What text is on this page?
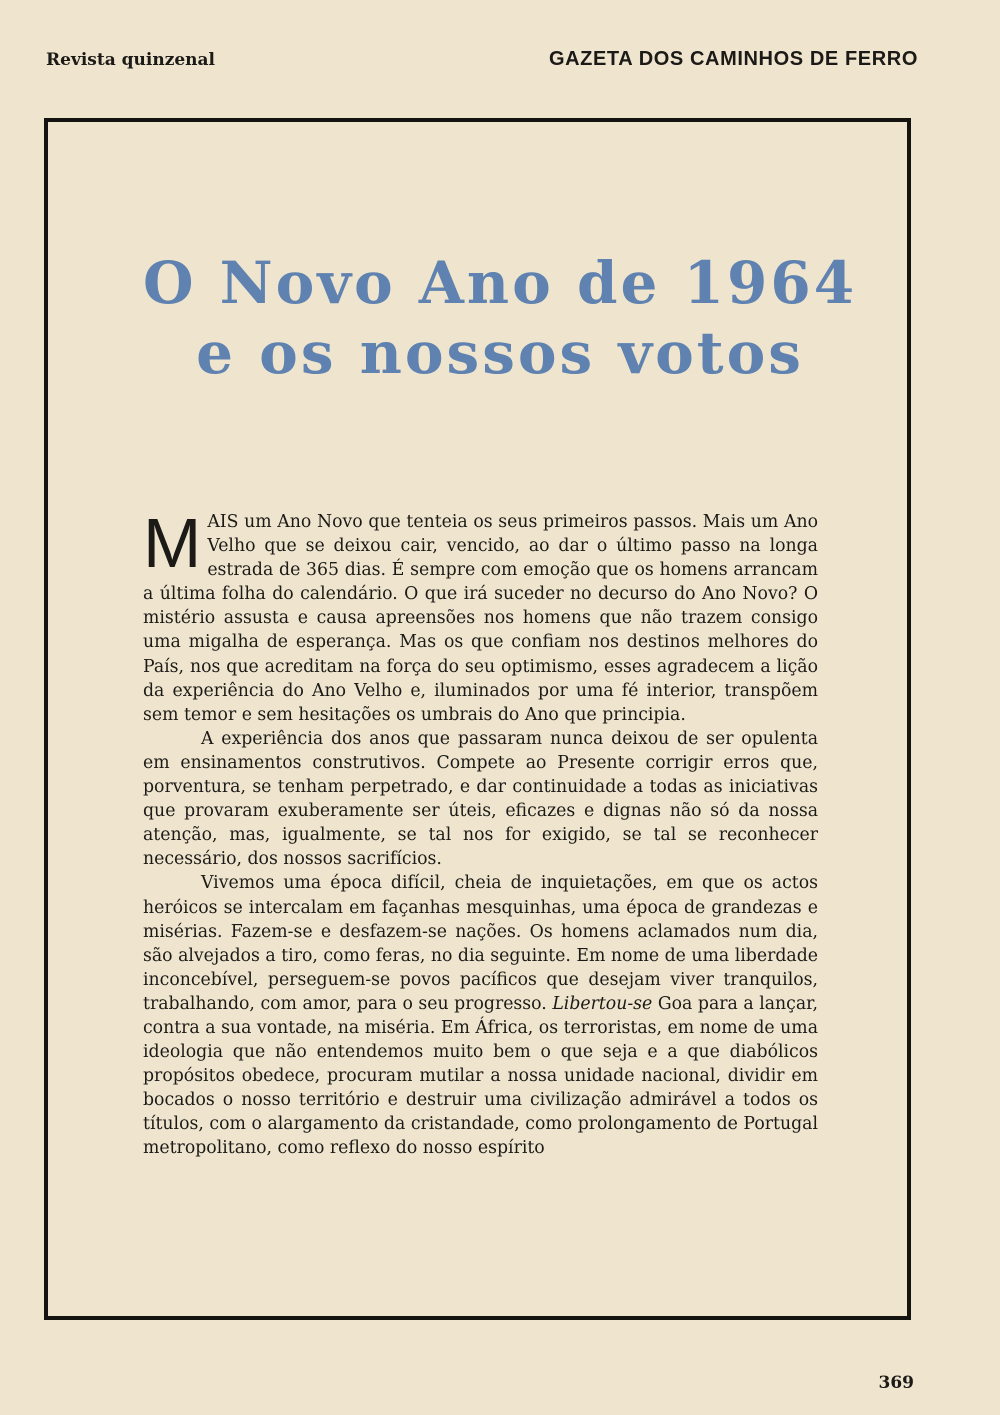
Revista quinzenal	GAZETA DOS CAMINHOS DE FERRO
O Novo Ano de 1964
e os nossos votos

MAIS um Ano Novo que tenteia os seus primeiros passos. Mais um Ano Velho que se deixou cair, vencido, ao dar o último passo na longa estrada de 365 dias. É sempre com emoção que os homens arrancam a última folha do calendário. O que irá suceder no decurso do Ano Novo? O mistério assusta e causa apreensões nos homens que não trazem consigo uma migalha de esperança. Mas os que confiam nos destinos melhores do País, nos que acreditam na força do seu optimismo, esses agradecem a lição da experiência do Ano Velho e, iluminados por uma fé interior, transpõem sem temor e sem hesitações os umbrais do Ano que principia.

A experiência dos anos que passaram nunca deixou de ser opulenta em ensinamentos construtivos. Compete ao Presente corrigir erros que, porventura, se tenham perpetrado, e dar continuidade a todas as iniciativas que provaram exuberamente ser úteis, eficazes e dignas não só da nossa atenção, mas, igualmente, se tal nos for exigido, se tal se reconhecer necessário, dos nossos sacrifícios.

Vivemos uma época difícil, cheia de inquietações, em que os actos heróicos se intercalam em façanhas mesquinhas, uma época de grandezas e misérias. Fazem-se e desfazem-se nações. Os homens aclamados num dia, são alvejados a tiro, como feras, no dia seguinte. Em nome de uma liberdade inconcebível, perseguem-se povos pacíficos que desejam viver tranquilos, trabalhando, com amor, para o seu progresso. Libertou-se Goa para a lançar, contra a sua vontade, na miséria. Em África, os terroristas, em nome de uma ideologia que não entendemos muito bem o que seja e a que diabólicos propósitos obedece, procuram mutilar a nossa unidade nacional, dividir em bocados o nosso território e destruir uma civilização admirável a todos os títulos, com o alargamento da cristandade, como prolongamento de Portugal metropolitano, como reflexo do nosso espírito

369
